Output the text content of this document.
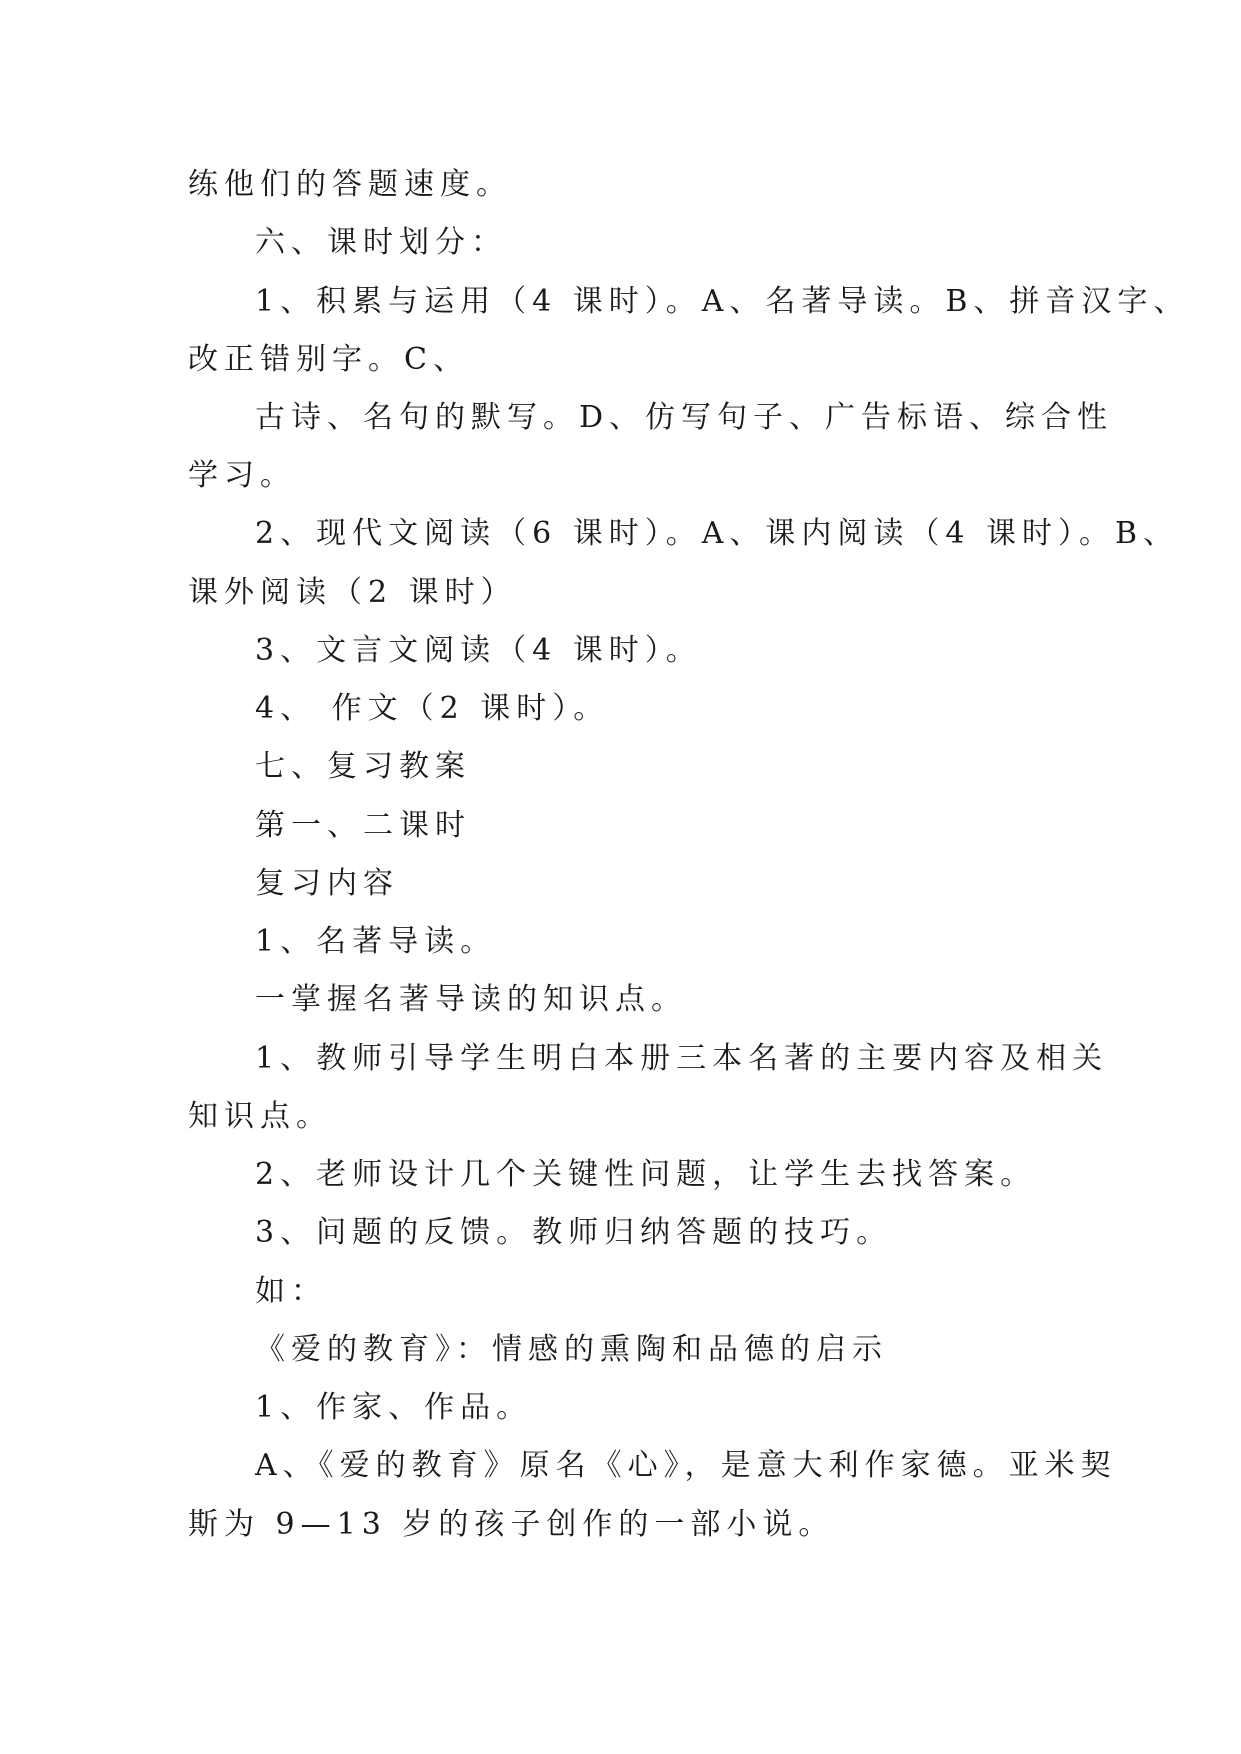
练他们的答题速度。
六、课时划分：
1、积累与运用（4 课时）。A、名著导读。B、拼音汉字、
改正错别字。C、
古诗、名句的默写。D、仿写句子、广告标语、综合性
学习。
2、现代文阅读（6 课时）。A、课内阅读（4 课时）。B、
课外阅读（2 课时）
3、文言文阅读（4 课时）。
4、 作文（2 课时）。
七、复习教案
第一、二课时
复习内容
1、名著导读。
一掌握名著导读的知识点。
1、教师引导学生明白本册三本名著的主要内容及相关
知识点。
2、老师设计几个关键性问题，让学生去找答案。
3、问题的反馈。教师归纳答题的技巧。
如：
《爱的教育》：情感的熏陶和品德的启示
1、作家、作品。
A、《爱的教育》原名《心》，是意大利作家德。亚米契
斯为 9—13 岁的孩子创作的一部小说。
